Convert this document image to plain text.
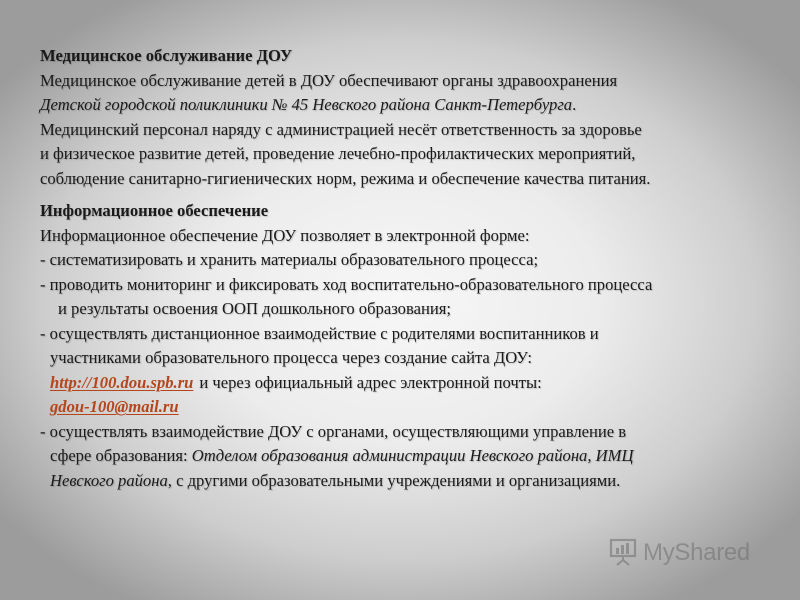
Медицинское обслуживание ДОУ
Медицинское обслуживание детей в ДОУ обеспечивают органы здравоохранения
Детской городской поликлиники № 45 Невского района Санкт-Петербурга.
Медицинский персонал наряду с администрацией несёт ответственность за здоровье
и физическое развитие детей, проведение лечебно-профилактических мероприятий,
соблюдение санитарно-гигиенических норм, режима и обеспечение качества питания.
Информационное обеспечение
Информационное обеспечение ДОУ позволяет в электронной форме:
- систематизировать и хранить материалы образовательного процесса;
- проводить мониторинг и фиксировать ход воспитательно-образовательного процесса
и результаты освоения ООП дошкольного образования;
- осуществлять дистанционное взаимодействие с родителями воспитанников и
участниками образовательного процесса через создание сайта ДОУ:
http://100.dou.spb.ru и через официальный адрес электронной почты:
gdou-100@mail.ru
- осуществлять взаимодействие ДОУ с органами, осуществляющими управление в
сфере образования: Отделом образования администрации Невского района, ИМЦ
Невского района, с другими образовательными учреждениями и организациями.
MyShared
